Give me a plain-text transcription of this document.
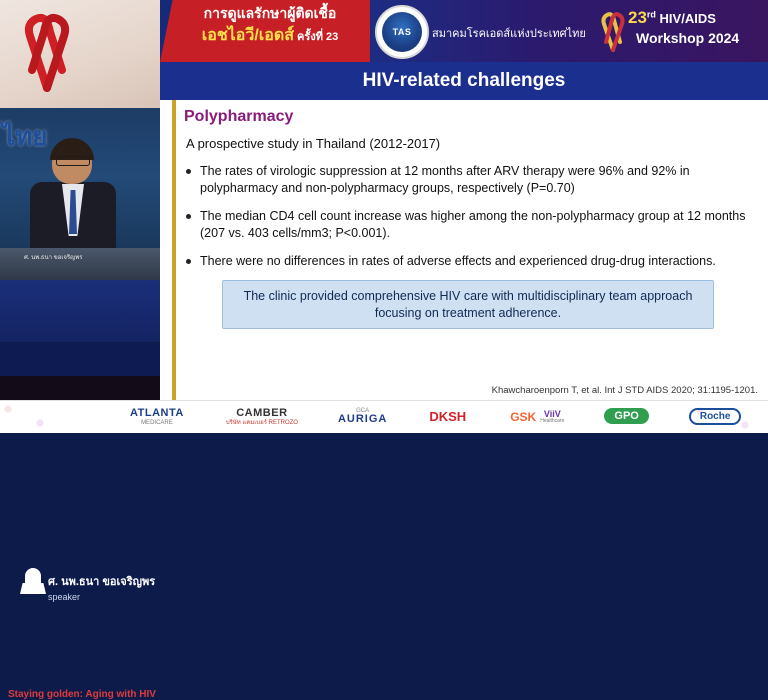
การดูแลรักษาผู้ติดเชื้อ
เอชไอวี/เอดส์ ครั้งที่ 23	TAS	สมาคมโรคเอดส์แห่งประเทศไทย
23rd HIV/AIDS
Workshop 2024
ไทย
ศ. นพ.ธนา ขอเจริญพร
ศ. นพ.ธนา ขอเจริญพร
speaker
Staying golden: Aging with HIV
HIV-related challenges
Polypharmacy

A prospective study in Thailand (2012-2017)

The rates of virologic suppression at 12 months after ARV therapy were 96% and 92% in polypharmacy and non-polypharmacy groups, respectively (P=0.70)
The median CD4 cell count increase was higher among the non-polypharmacy group at 12 months (207 vs. 403 cells/mm3; P<0.001).
There were no differences in rates of adverse effects and experienced drug-drug interactions.
The clinic provided comprehensive HIV care with multidisciplinary team approach focusing on treatment adherence.
Khawcharoenporn T, et al. Int J STD AIDS 2020; 31:1195-1201.
ATLANTA
MEDICARE
CAMBER
บริษัท แคมเบอร์ RETROZO
GCA
AURIGA	DKSH	GSK ViiV
Healthcare	GPO	Roche
